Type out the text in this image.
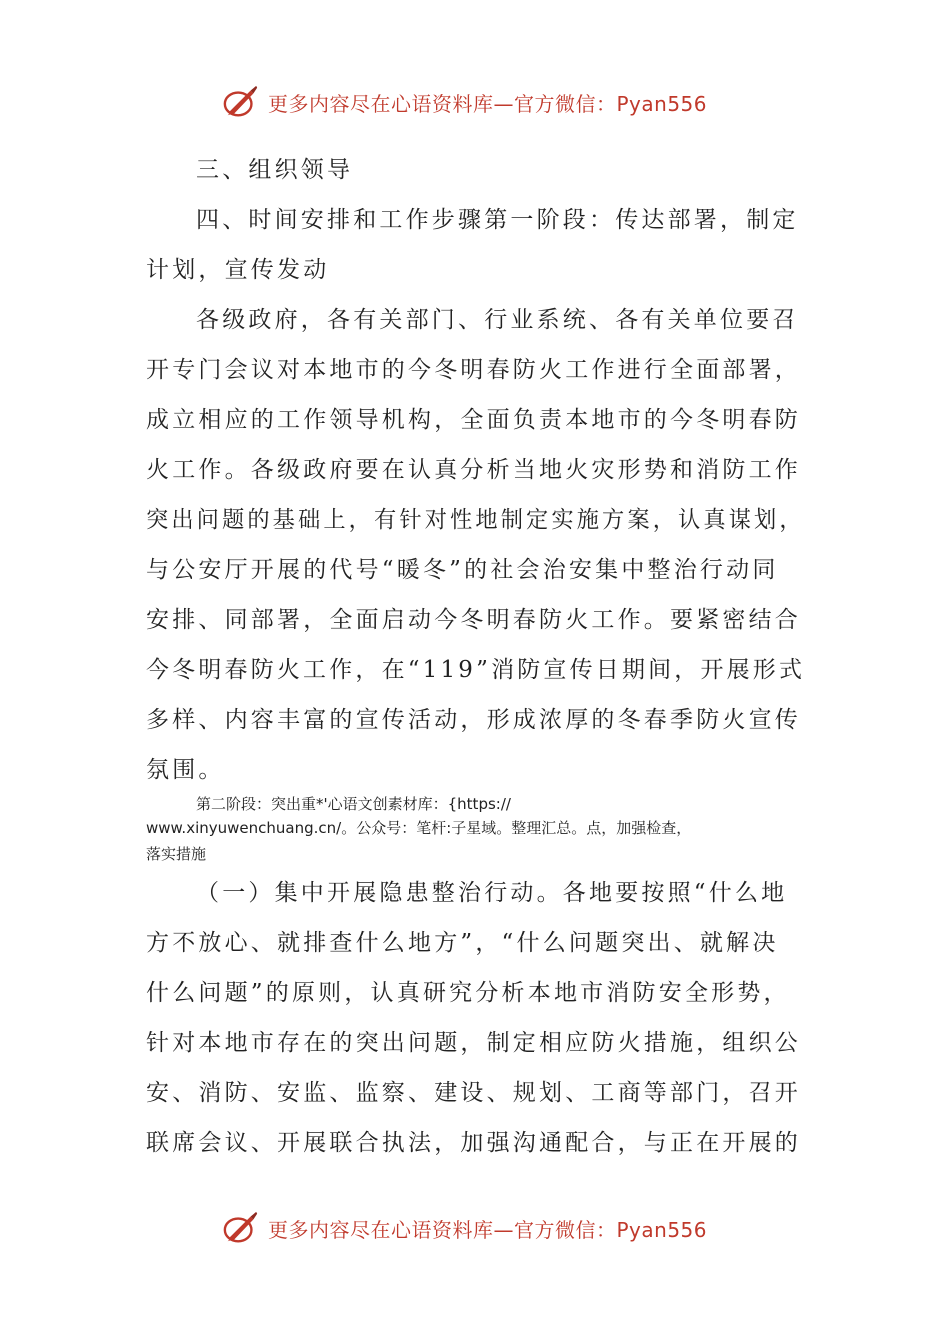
更多内容尽在心语资料库—官方微信：Pyan556
三、组织领导
四、时间安排和工作步骤第一阶段：传达部署，制定
计划，宣传发动
各级政府，各有关部门、行业系统、各有关单位要召
开专门会议对本地市的今冬明春防火工作进行全面部署，
成立相应的工作领导机构，全面负责本地市的今冬明春防
火工作。各级政府要在认真分析当地火灾形势和消防工作
突出问题的基础上，有针对性地制定实施方案，认真谋划，
与公安厅开展的代号“暖冬”的社会治安集中整治行动同
安排、同部署，全面启动今冬明春防火工作。要紧密结合
今冬明春防火工作，在“119”消防宣传日期间，开展形式
多样、内容丰富的宣传活动，形成浓厚的冬春季防火宣传
氛围。
第二阶段：突出重*'心语文创素材库：{https://
www.xinyuwenchuang.cn/。公众号：笔杆:子星域。整理汇总。点，加强检查，
落实措施
（一）集中开展隐患整治行动。各地要按照“什么地
方不放心、就排查什么地方”，“什么问题突出、就解决
什么问题”的原则，认真研究分析本地市消防安全形势，
针对本地市存在的突出问题，制定相应防火措施，组织公
安、消防、安监、监察、建设、规划、工商等部门，召开
联席会议、开展联合执法，加强沟通配合，与正在开展的
更多内容尽在心语资料库—官方微信：Pyan556
